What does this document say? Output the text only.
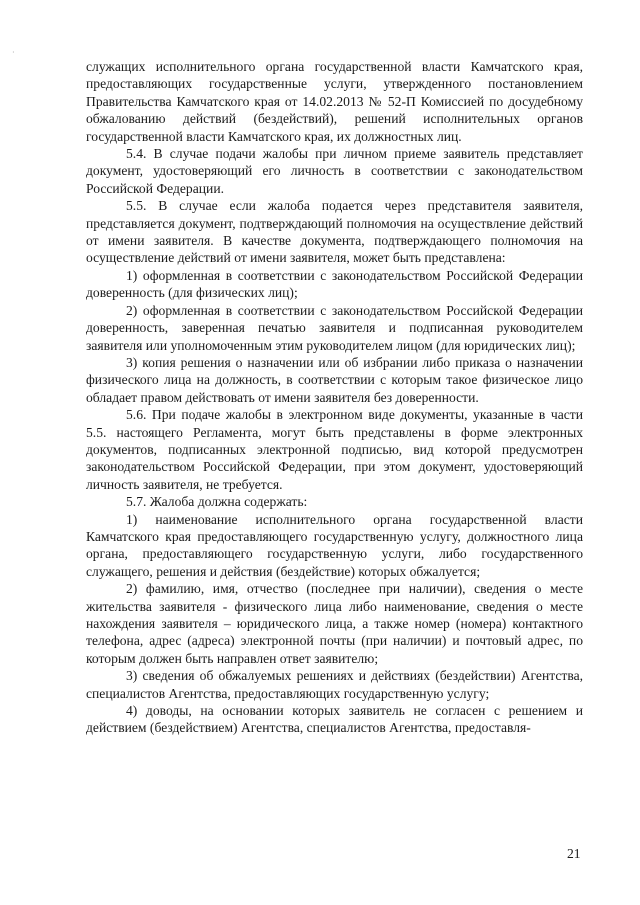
·

служащих исполнительного органа государственной власти Камчатского края, предоставляющих государственные услуги, утвержденного постановлением Правительства Камчатского края от 14.02.2013 № 52-П Комиссией по досудебному обжалованию действий (бездействий), решений исполнительных органов государственной власти Камчатского края, их должностных лиц.

5.4. В случае подачи жалобы при личном приеме заявитель представляет документ, удостоверяющий его личность в соответствии с законодательством Российской Федерации.

5.5. В случае если жалоба подается через представителя заявителя, представляется документ, подтверждающий полномочия на осуществление действий от имени заявителя. В качестве документа, подтверждающего полномочия на осуществление действий от имени заявителя, может быть представлена:

1) оформленная в соответствии с законодательством Российской Федерации доверенность (для физических лиц);

2) оформленная в соответствии с законодательством Российской Федерации доверенность, заверенная печатью заявителя и подписанная руководителем заявителя или уполномоченным этим руководителем лицом (для юридических лиц);

3) копия решения о назначении или об избрании либо приказа о назначении физического лица на должность, в соответствии с которым такое физическое лицо обладает правом действовать от имени заявителя без доверенности.

5.6. При подаче жалобы в электронном виде документы, указанные в части 5.5. настоящего Регламента, могут быть представлены в форме электронных документов, подписанных электронной подписью, вид которой предусмотрен законодательством Российской Федерации, при этом документ, удостоверяющий личность заявителя, не требуется.

5.7. Жалоба должна содержать:

1) наименование исполнительного органа государственной власти Камчатского края предоставляющего государственную услугу, должностного лица органа, предоставляющего государственную услуги, либо государственного служащего, решения и действия (бездействие) которых обжалуется;

2) фамилию, имя, отчество (последнее при наличии), сведения о месте жительства заявителя - физического лица либо наименование, сведения о месте нахождения заявителя – юридического лица, а также номер (номера) контактного телефона, адрес (адреса) электронной почты (при наличии) и почтовый адрес, по которым должен быть направлен ответ заявителю;

3) сведения об обжалуемых решениях и действиях (бездействии) Агентства, специалистов Агентства, предоставляющих государственную услугу;

4) доводы, на основании которых заявитель не согласен с решением и действием (бездействием) Агентства, специалистов Агентства, предоставля-

21
